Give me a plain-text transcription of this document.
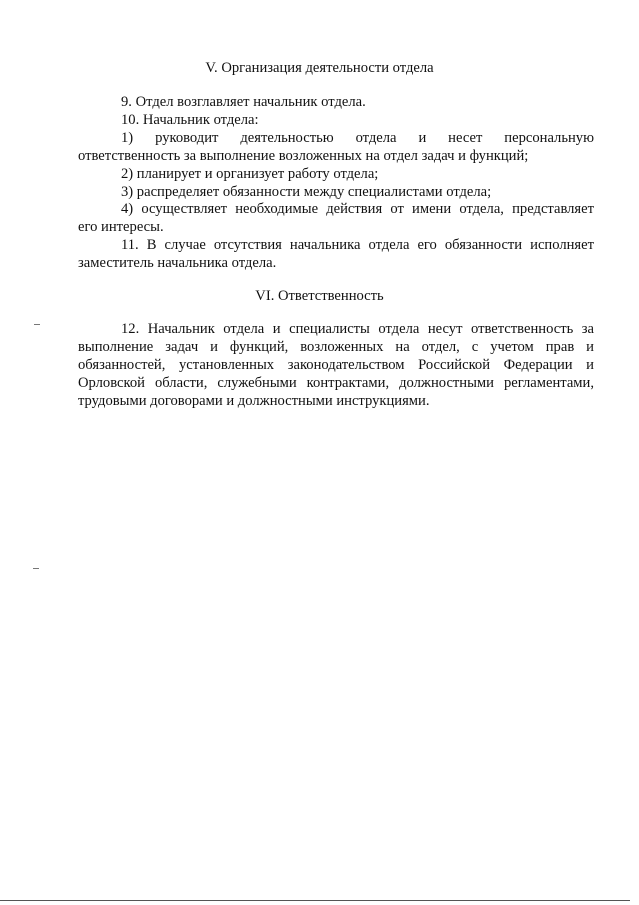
V. Организация деятельности отдела
9. Отдел возглавляет начальник отдела.
10. Начальник отдела:
1) руководит деятельностью отдела и несет персональную
ответственность за выполнение возложенных на отдел задач и функций;
2) планирует и организует работу отдела;
3) распределяет обязанности между специалистами отдела;
4) осуществляет необходимые действия от имени отдела, представляет
его интересы.
11. В случае отсутствия начальника отдела его обязанности исполняет
заместитель начальника отдела.
VI. Ответственность
12. Начальник отдела и специалисты отдела несут ответственность за
выполнение задач и функций, возложенных на отдел, с учетом прав и
обязанностей, установленных законодательством Российской Федерации и
Орловской области, служебными контрактами, должностными регламентами,
трудовыми договорами и должностными инструкциями.
